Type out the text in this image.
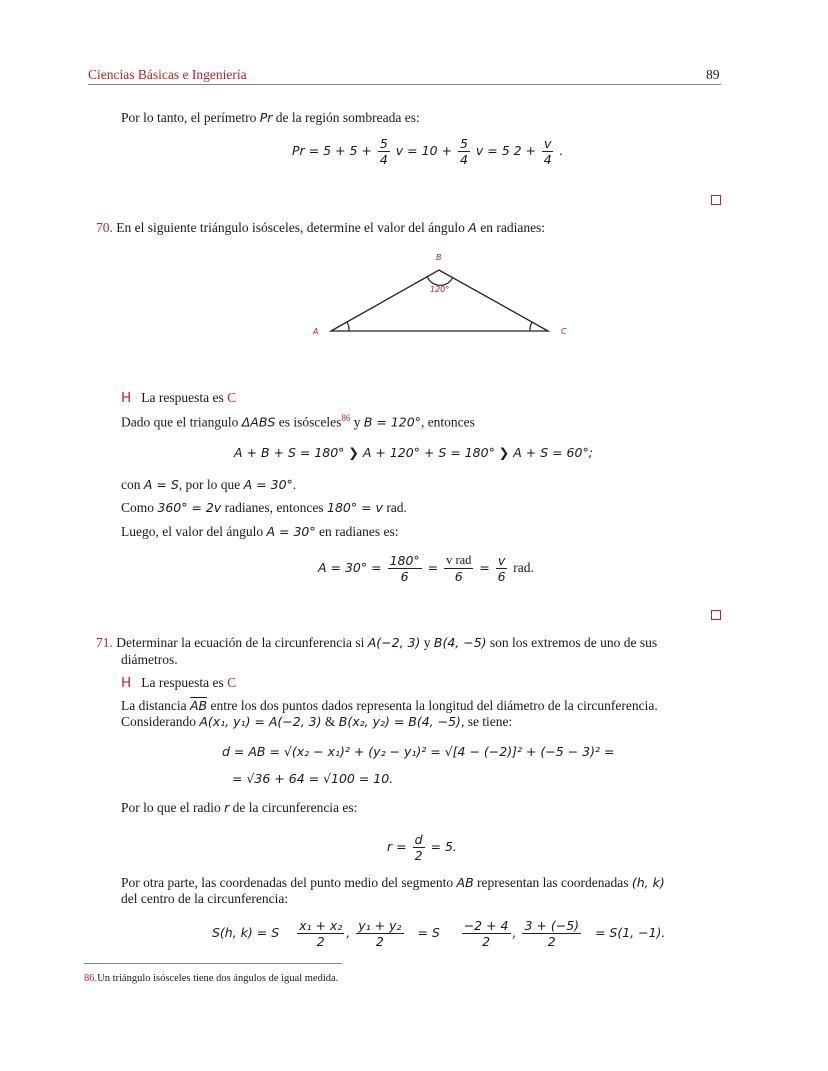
Ciencias Básicas e Ingeniería	89
Por lo tanto, el perímetro Pr de la región sombreada es:
$Pr = 5 + 5 + \frac{5}{4}$ $v = 10 + \frac{5}{4}$ v = 5 $2 + \frac{v}{4}$ .
70. En el siguiente triángulo isósceles, determine el valor del ángulo A en radianes:
B
120°
A	C
H La respuesta es C
Dado que el triangulo ΔABS es isósceles$^{86}$ y B = 120°, entonces
A + B + S = 180° ❯ A + 120° + S = 180° ❯ A + S = 60°;
con A = S, por lo que A = 30°.
Como 360° = 2v radianes, entonces 180° = v rad.
Luego, el valor del ángulo A = 30° en radianes es:
$A = 30^\circ = \frac{180^\circ}{6} = \frac{\text{v rad}}{6} = \frac{v}{6}$ rad.
71. Determinar la ecuación de la circunferencia si A(−2, 3) y B(4, −5) son los extremos de uno de sus
diámetros.
H La respuesta es C
La distancia $\overline{AB}$ entre los dos puntos dados representa la longitud del diámetro de la circunferencia.
Considerando A(x₁, y₁) = A(−2, 3) & B(x₂, y₂) = B(4, −5), se tiene:
d = AB = √(x₂ − x₁)² + (y₂ − y₁)² = √[4 − (−2)]² + (−5 − 3)² =
= √36 + 64 = √100 = 10.
Por lo que el radio r de la circunferencia es:
$r = \frac{d}{2} = 5$.
Por otra parte, las coordenadas del punto medio del segmento AB representan las coordenadas (h, k)
del centro de la circunferencia:
S(h, k) = S $\frac{\text{x₁ + x₂}}{2}$ , $\frac{\text{y₁ + y₂}}{2} = S \frac{-2 + 4}{2}$ , $\frac{3 + (-5)}{2} = S(1$, −1).
86.Un triángulo isósceles tiene dos ángulos de igual medida.
